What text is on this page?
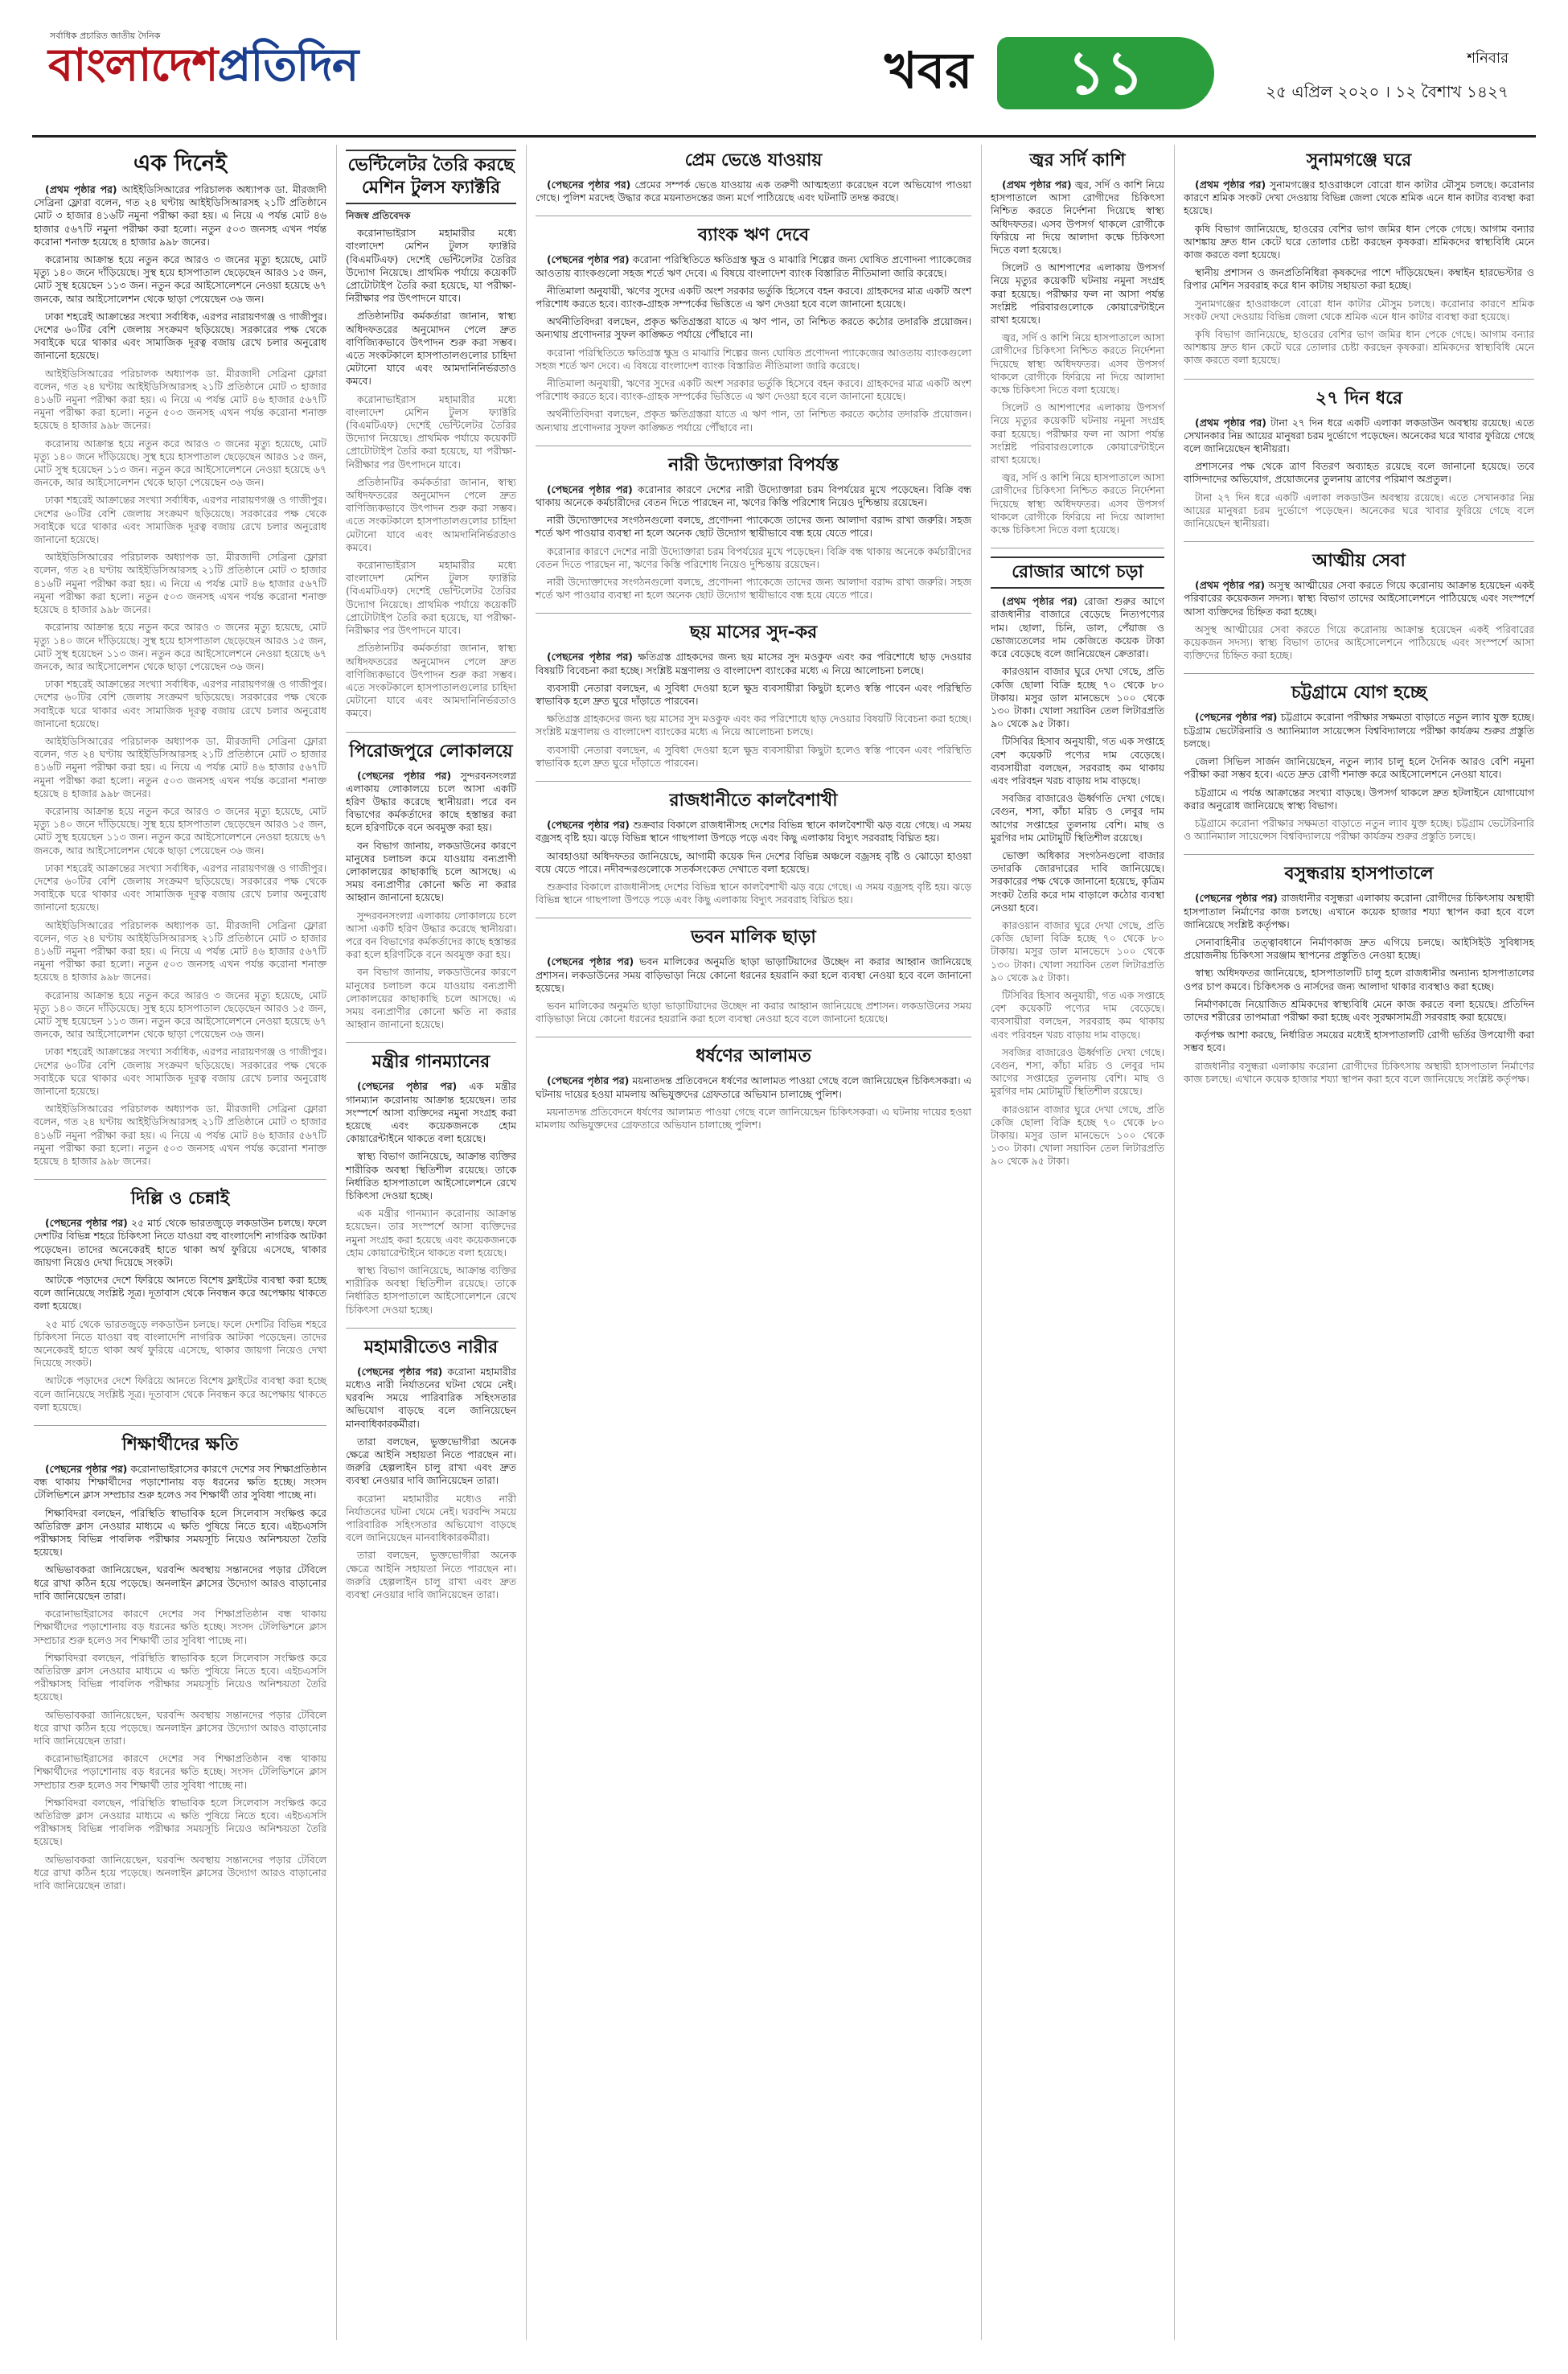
সর্বাধিক প্রচারিত জাতীয় দৈনিক
বাংলাদেশপ্রতিদিন	খবর	১১	শনিবার
২৫ এপ্রিল ২০২০ । ১২ বৈশাখ ১৪২৭
এক দিনেই

(প্রথম পৃষ্ঠার পর) আইইডিসিআরের পরিচালক অধ্যাপক ডা. মীরজাদী সেব্রিনা ফ্লোরা বলেন, গত ২৪ ঘণ্টায় আইইডিসিআরসহ ২১টি প্রতিষ্ঠানে মোট ৩ হাজার ৪১৬টি নমুনা পরীক্ষা করা হয়। এ নিয়ে এ পর্যন্ত মোট ৪৬ হাজার ৫৬৭টি নমুনা পরীক্ষা করা হলো। নতুন ৫০৩ জনসহ এখন পর্যন্ত করোনা শনাক্ত হয়েছে ৪ হাজার ৯৯৮ জনের।

করোনায় আক্রান্ত হয়ে নতুন করে আরও ৩ জনের মৃত্যু হয়েছে, মোট মৃত্যু ১৪০ জনে দাঁড়িয়েছে। সুস্থ হয়ে হাসপাতাল ছেড়েছেন আরও ১৫ জন, মোট সুস্থ হয়েছেন ১১৩ জন। নতুন করে আইসোলেশনে নেওয়া হয়েছে ৬৭ জনকে, আর আইসোলেশন থেকে ছাড়া পেয়েছেন ৩৬ জন।

ঢাকা শহরেই আক্রান্তের সংখ্যা সর্বাধিক, এরপর নারায়ণগঞ্জ ও গাজীপুর। দেশের ৬০টির বেশি জেলায় সংক্রমণ ছড়িয়েছে। সরকারের পক্ষ থেকে সবাইকে ঘরে থাকার এবং সামাজিক দূরত্ব বজায় রেখে চলার অনুরোধ জানানো হয়েছে।

আইইডিসিআরের পরিচালক অধ্যাপক ডা. মীরজাদী সেব্রিনা ফ্লোরা বলেন, গত ২৪ ঘণ্টায় আইইডিসিআরসহ ২১টি প্রতিষ্ঠানে মোট ৩ হাজার ৪১৬টি নমুনা পরীক্ষা করা হয়। এ নিয়ে এ পর্যন্ত মোট ৪৬ হাজার ৫৬৭টি নমুনা পরীক্ষা করা হলো। নতুন ৫০৩ জনসহ এখন পর্যন্ত করোনা শনাক্ত হয়েছে ৪ হাজার ৯৯৮ জনের।

করোনায় আক্রান্ত হয়ে নতুন করে আরও ৩ জনের মৃত্যু হয়েছে, মোট মৃত্যু ১৪০ জনে দাঁড়িয়েছে। সুস্থ হয়ে হাসপাতাল ছেড়েছেন আরও ১৫ জন, মোট সুস্থ হয়েছেন ১১৩ জন। নতুন করে আইসোলেশনে নেওয়া হয়েছে ৬৭ জনকে, আর আইসোলেশন থেকে ছাড়া পেয়েছেন ৩৬ জন।

ঢাকা শহরেই আক্রান্তের সংখ্যা সর্বাধিক, এরপর নারায়ণগঞ্জ ও গাজীপুর। দেশের ৬০টির বেশি জেলায় সংক্রমণ ছড়িয়েছে। সরকারের পক্ষ থেকে সবাইকে ঘরে থাকার এবং সামাজিক দূরত্ব বজায় রেখে চলার অনুরোধ জানানো হয়েছে।

আইইডিসিআরের পরিচালক অধ্যাপক ডা. মীরজাদী সেব্রিনা ফ্লোরা বলেন, গত ২৪ ঘণ্টায় আইইডিসিআরসহ ২১টি প্রতিষ্ঠানে মোট ৩ হাজার ৪১৬টি নমুনা পরীক্ষা করা হয়। এ নিয়ে এ পর্যন্ত মোট ৪৬ হাজার ৫৬৭টি নমুনা পরীক্ষা করা হলো। নতুন ৫০৩ জনসহ এখন পর্যন্ত করোনা শনাক্ত হয়েছে ৪ হাজার ৯৯৮ জনের।

করোনায় আক্রান্ত হয়ে নতুন করে আরও ৩ জনের মৃত্যু হয়েছে, মোট মৃত্যু ১৪০ জনে দাঁড়িয়েছে। সুস্থ হয়ে হাসপাতাল ছেড়েছেন আরও ১৫ জন, মোট সুস্থ হয়েছেন ১১৩ জন। নতুন করে আইসোলেশনে নেওয়া হয়েছে ৬৭ জনকে, আর আইসোলেশন থেকে ছাড়া পেয়েছেন ৩৬ জন।

ঢাকা শহরেই আক্রান্তের সংখ্যা সর্বাধিক, এরপর নারায়ণগঞ্জ ও গাজীপুর। দেশের ৬০টির বেশি জেলায় সংক্রমণ ছড়িয়েছে। সরকারের পক্ষ থেকে সবাইকে ঘরে থাকার এবং সামাজিক দূরত্ব বজায় রেখে চলার অনুরোধ জানানো হয়েছে।

আইইডিসিআরের পরিচালক অধ্যাপক ডা. মীরজাদী সেব্রিনা ফ্লোরা বলেন, গত ২৪ ঘণ্টায় আইইডিসিআরসহ ২১টি প্রতিষ্ঠানে মোট ৩ হাজার ৪১৬টি নমুনা পরীক্ষা করা হয়। এ নিয়ে এ পর্যন্ত মোট ৪৬ হাজার ৫৬৭টি নমুনা পরীক্ষা করা হলো। নতুন ৫০৩ জনসহ এখন পর্যন্ত করোনা শনাক্ত হয়েছে ৪ হাজার ৯৯৮ জনের।

করোনায় আক্রান্ত হয়ে নতুন করে আরও ৩ জনের মৃত্যু হয়েছে, মোট মৃত্যু ১৪০ জনে দাঁড়িয়েছে। সুস্থ হয়ে হাসপাতাল ছেড়েছেন আরও ১৫ জন, মোট সুস্থ হয়েছেন ১১৩ জন। নতুন করে আইসোলেশনে নেওয়া হয়েছে ৬৭ জনকে, আর আইসোলেশন থেকে ছাড়া পেয়েছেন ৩৬ জন।

ঢাকা শহরেই আক্রান্তের সংখ্যা সর্বাধিক, এরপর নারায়ণগঞ্জ ও গাজীপুর। দেশের ৬০টির বেশি জেলায় সংক্রমণ ছড়িয়েছে। সরকারের পক্ষ থেকে সবাইকে ঘরে থাকার এবং সামাজিক দূরত্ব বজায় রেখে চলার অনুরোধ জানানো হয়েছে।

আইইডিসিআরের পরিচালক অধ্যাপক ডা. মীরজাদী সেব্রিনা ফ্লোরা বলেন, গত ২৪ ঘণ্টায় আইইডিসিআরসহ ২১টি প্রতিষ্ঠানে মোট ৩ হাজার ৪১৬টি নমুনা পরীক্ষা করা হয়। এ নিয়ে এ পর্যন্ত মোট ৪৬ হাজার ৫৬৭টি নমুনা পরীক্ষা করা হলো। নতুন ৫০৩ জনসহ এখন পর্যন্ত করোনা শনাক্ত হয়েছে ৪ হাজার ৯৯৮ জনের।

করোনায় আক্রান্ত হয়ে নতুন করে আরও ৩ জনের মৃত্যু হয়েছে, মোট মৃত্যু ১৪০ জনে দাঁড়িয়েছে। সুস্থ হয়ে হাসপাতাল ছেড়েছেন আরও ১৫ জন, মোট সুস্থ হয়েছেন ১১৩ জন। নতুন করে আইসোলেশনে নেওয়া হয়েছে ৬৭ জনকে, আর আইসোলেশন থেকে ছাড়া পেয়েছেন ৩৬ জন।

ঢাকা শহরেই আক্রান্তের সংখ্যা সর্বাধিক, এরপর নারায়ণগঞ্জ ও গাজীপুর। দেশের ৬০টির বেশি জেলায় সংক্রমণ ছড়িয়েছে। সরকারের পক্ষ থেকে সবাইকে ঘরে থাকার এবং সামাজিক দূরত্ব বজায় রেখে চলার অনুরোধ জানানো হয়েছে।

আইইডিসিআরের পরিচালক অধ্যাপক ডা. মীরজাদী সেব্রিনা ফ্লোরা বলেন, গত ২৪ ঘণ্টায় আইইডিসিআরসহ ২১টি প্রতিষ্ঠানে মোট ৩ হাজার ৪১৬টি নমুনা পরীক্ষা করা হয়। এ নিয়ে এ পর্যন্ত মোট ৪৬ হাজার ৫৬৭টি নমুনা পরীক্ষা করা হলো। নতুন ৫০৩ জনসহ এখন পর্যন্ত করোনা শনাক্ত হয়েছে ৪ হাজার ৯৯৮ জনের।

দিল্লি ও চেন্নাই

(পেছনের পৃষ্ঠার পর) ২৫ মার্চ থেকে ভারতজুড়ে লকডাউন চলছে। ফলে দেশটির বিভিন্ন শহরে চিকিৎসা নিতে যাওয়া বহু বাংলাদেশি নাগরিক আটকা পড়েছেন। তাদের অনেকেরই হাতে থাকা অর্থ ফুরিয়ে এসেছে, থাকার জায়গা নিয়েও দেখা দিয়েছে সংকট।

আটকে পড়াদের দেশে ফিরিয়ে আনতে বিশেষ ফ্লাইটের ব্যবস্থা করা হচ্ছে বলে জানিয়েছে সংশ্লিষ্ট সূত্র। দূতাবাস থেকে নিবন্ধন করে অপেক্ষায় থাকতে বলা হয়েছে।

২৫ মার্চ থেকে ভারতজুড়ে লকডাউন চলছে। ফলে দেশটির বিভিন্ন শহরে চিকিৎসা নিতে যাওয়া বহু বাংলাদেশি নাগরিক আটকা পড়েছেন। তাদের অনেকেরই হাতে থাকা অর্থ ফুরিয়ে এসেছে, থাকার জায়গা নিয়েও দেখা দিয়েছে সংকট।

আটকে পড়াদের দেশে ফিরিয়ে আনতে বিশেষ ফ্লাইটের ব্যবস্থা করা হচ্ছে বলে জানিয়েছে সংশ্লিষ্ট সূত্র। দূতাবাস থেকে নিবন্ধন করে অপেক্ষায় থাকতে বলা হয়েছে।

শিক্ষার্থীদের ক্ষতি

(পেছনের পৃষ্ঠার পর) করোনাভাইরাসের কারণে দেশের সব শিক্ষাপ্রতিষ্ঠান বন্ধ থাকায় শিক্ষার্থীদের পড়াশোনায় বড় ধরনের ক্ষতি হচ্ছে। সংসদ টেলিভিশনে ক্লাস সম্প্রচার শুরু হলেও সব শিক্ষার্থী তার সুবিধা পাচ্ছে না।

শিক্ষাবিদরা বলছেন, পরিস্থিতি স্বাভাবিক হলে সিলেবাস সংক্ষিপ্ত করে অতিরিক্ত ক্লাস নেওয়ার মাধ্যমে এ ক্ষতি পুষিয়ে নিতে হবে। এইচএসসি পরীক্ষাসহ বিভিন্ন পাবলিক পরীক্ষার সময়সূচি নিয়েও অনিশ্চয়তা তৈরি হয়েছে।

অভিভাবকরা জানিয়েছেন, ঘরবন্দি অবস্থায় সন্তানদের পড়ার টেবিলে ধরে রাখা কঠিন হয়ে পড়েছে। অনলাইন ক্লাসের উদ্যোগ আরও বাড়ানোর দাবি জানিয়েছেন তারা।

করোনাভাইরাসের কারণে দেশের সব শিক্ষাপ্রতিষ্ঠান বন্ধ থাকায় শিক্ষার্থীদের পড়াশোনায় বড় ধরনের ক্ষতি হচ্ছে। সংসদ টেলিভিশনে ক্লাস সম্প্রচার শুরু হলেও সব শিক্ষার্থী তার সুবিধা পাচ্ছে না।

শিক্ষাবিদরা বলছেন, পরিস্থিতি স্বাভাবিক হলে সিলেবাস সংক্ষিপ্ত করে অতিরিক্ত ক্লাস নেওয়ার মাধ্যমে এ ক্ষতি পুষিয়ে নিতে হবে। এইচএসসি পরীক্ষাসহ বিভিন্ন পাবলিক পরীক্ষার সময়সূচি নিয়েও অনিশ্চয়তা তৈরি হয়েছে।

অভিভাবকরা জানিয়েছেন, ঘরবন্দি অবস্থায় সন্তানদের পড়ার টেবিলে ধরে রাখা কঠিন হয়ে পড়েছে। অনলাইন ক্লাসের উদ্যোগ আরও বাড়ানোর দাবি জানিয়েছেন তারা।

করোনাভাইরাসের কারণে দেশের সব শিক্ষাপ্রতিষ্ঠান বন্ধ থাকায় শিক্ষার্থীদের পড়াশোনায় বড় ধরনের ক্ষতি হচ্ছে। সংসদ টেলিভিশনে ক্লাস সম্প্রচার শুরু হলেও সব শিক্ষার্থী তার সুবিধা পাচ্ছে না।

শিক্ষাবিদরা বলছেন, পরিস্থিতি স্বাভাবিক হলে সিলেবাস সংক্ষিপ্ত করে অতিরিক্ত ক্লাস নেওয়ার মাধ্যমে এ ক্ষতি পুষিয়ে নিতে হবে। এইচএসসি পরীক্ষাসহ বিভিন্ন পাবলিক পরীক্ষার সময়সূচি নিয়েও অনিশ্চয়তা তৈরি হয়েছে।

অভিভাবকরা জানিয়েছেন, ঘরবন্দি অবস্থায় সন্তানদের পড়ার টেবিলে ধরে রাখা কঠিন হয়ে পড়েছে। অনলাইন ক্লাসের উদ্যোগ আরও বাড়ানোর দাবি জানিয়েছেন তারা।

ভেন্টিলেটর তৈরি করছে মেশিন টুলস ফ্যাক্টরি
নিজস্ব প্রতিবেদক

করোনাভাইরাস মহামারীর মধ্যে বাংলাদেশ মেশিন টুলস ফ্যাক্টরি (বিএমটিএফ) দেশেই ভেন্টিলেটর তৈরির উদ্যোগ নিয়েছে। প্রাথমিক পর্যায়ে কয়েকটি প্রোটোটাইপ তৈরি করা হয়েছে, যা পরীক্ষা-নিরীক্ষার পর উৎপাদনে যাবে।

প্রতিষ্ঠানটির কর্মকর্তারা জানান, স্বাস্থ্য অধিদফতরের অনুমোদন পেলে দ্রুত বাণিজ্যিকভাবে উৎপাদন শুরু করা সম্ভব। এতে সংকটকালে হাসপাতালগুলোর চাহিদা মেটানো যাবে এবং আমদানিনির্ভরতাও কমবে।

করোনাভাইরাস মহামারীর মধ্যে বাংলাদেশ মেশিন টুলস ফ্যাক্টরি (বিএমটিএফ) দেশেই ভেন্টিলেটর তৈরির উদ্যোগ নিয়েছে। প্রাথমিক পর্যায়ে কয়েকটি প্রোটোটাইপ তৈরি করা হয়েছে, যা পরীক্ষা-নিরীক্ষার পর উৎপাদনে যাবে।

প্রতিষ্ঠানটির কর্মকর্তারা জানান, স্বাস্থ্য অধিদফতরের অনুমোদন পেলে দ্রুত বাণিজ্যিকভাবে উৎপাদন শুরু করা সম্ভব। এতে সংকটকালে হাসপাতালগুলোর চাহিদা মেটানো যাবে এবং আমদানিনির্ভরতাও কমবে।

করোনাভাইরাস মহামারীর মধ্যে বাংলাদেশ মেশিন টুলস ফ্যাক্টরি (বিএমটিএফ) দেশেই ভেন্টিলেটর তৈরির উদ্যোগ নিয়েছে। প্রাথমিক পর্যায়ে কয়েকটি প্রোটোটাইপ তৈরি করা হয়েছে, যা পরীক্ষা-নিরীক্ষার পর উৎপাদনে যাবে।

প্রতিষ্ঠানটির কর্মকর্তারা জানান, স্বাস্থ্য অধিদফতরের অনুমোদন পেলে দ্রুত বাণিজ্যিকভাবে উৎপাদন শুরু করা সম্ভব। এতে সংকটকালে হাসপাতালগুলোর চাহিদা মেটানো যাবে এবং আমদানিনির্ভরতাও কমবে।

পিরোজপুরে লোকালয়ে

(পেছনের পৃষ্ঠার পর) সুন্দরবনসংলগ্ন এলাকায় লোকালয়ে চলে আসা একটি হরিণ উদ্ধার করেছে স্থানীয়রা। পরে বন বিভাগের কর্মকর্তাদের কাছে হস্তান্তর করা হলে হরিণটিকে বনে অবমুক্ত করা হয়।

বন বিভাগ জানায়, লকডাউনের কারণে মানুষের চলাচল কমে যাওয়ায় বন্যপ্রাণী লোকালয়ের কাছাকাছি চলে আসছে। এ সময় বন্যপ্রাণীর কোনো ক্ষতি না করার আহ্বান জানানো হয়েছে।

সুন্দরবনসংলগ্ন এলাকায় লোকালয়ে চলে আসা একটি হরিণ উদ্ধার করেছে স্থানীয়রা। পরে বন বিভাগের কর্মকর্তাদের কাছে হস্তান্তর করা হলে হরিণটিকে বনে অবমুক্ত করা হয়।

বন বিভাগ জানায়, লকডাউনের কারণে মানুষের চলাচল কমে যাওয়ায় বন্যপ্রাণী লোকালয়ের কাছাকাছি চলে আসছে। এ সময় বন্যপ্রাণীর কোনো ক্ষতি না করার আহ্বান জানানো হয়েছে।

মন্ত্রীর গানম্যানের

(পেছনের পৃষ্ঠার পর) এক মন্ত্রীর গানম্যান করোনায় আক্রান্ত হয়েছেন। তার সংস্পর্শে আসা ব্যক্তিদের নমুনা সংগ্রহ করা হয়েছে এবং কয়েকজনকে হোম কোয়ারেন্টাইনে থাকতে বলা হয়েছে।

স্বাস্থ্য বিভাগ জানিয়েছে, আক্রান্ত ব্যক্তির শারীরিক অবস্থা স্থিতিশীল রয়েছে। তাকে নির্ধারিত হাসপাতালে আইসোলেশনে রেখে চিকিৎসা দেওয়া হচ্ছে।

এক মন্ত্রীর গানম্যান করোনায় আক্রান্ত হয়েছেন। তার সংস্পর্শে আসা ব্যক্তিদের নমুনা সংগ্রহ করা হয়েছে এবং কয়েকজনকে হোম কোয়ারেন্টাইনে থাকতে বলা হয়েছে।

স্বাস্থ্য বিভাগ জানিয়েছে, আক্রান্ত ব্যক্তির শারীরিক অবস্থা স্থিতিশীল রয়েছে। তাকে নির্ধারিত হাসপাতালে আইসোলেশনে রেখে চিকিৎসা দেওয়া হচ্ছে।

মহামারীতেও নারীর

(পেছনের পৃষ্ঠার পর) করোনা মহামারীর মধ্যেও নারী নির্যাতনের ঘটনা থেমে নেই। ঘরবন্দি সময়ে পারিবারিক সহিংসতার অভিযোগ বাড়ছে বলে জানিয়েছেন মানবাধিকারকর্মীরা।

তারা বলছেন, ভুক্তভোগীরা অনেক ক্ষেত্রে আইনি সহায়তা নিতে পারছেন না। জরুরি হেল্পলাইন চালু রাখা এবং দ্রুত ব্যবস্থা নেওয়ার দাবি জানিয়েছেন তারা।

করোনা মহামারীর মধ্যেও নারী নির্যাতনের ঘটনা থেমে নেই। ঘরবন্দি সময়ে পারিবারিক সহিংসতার অভিযোগ বাড়ছে বলে জানিয়েছেন মানবাধিকারকর্মীরা।

তারা বলছেন, ভুক্তভোগীরা অনেক ক্ষেত্রে আইনি সহায়তা নিতে পারছেন না। জরুরি হেল্পলাইন চালু রাখা এবং দ্রুত ব্যবস্থা নেওয়ার দাবি জানিয়েছেন তারা।

প্রেম ভেঙে যাওয়ায়

(পেছনের পৃষ্ঠার পর) প্রেমের সম্পর্ক ভেঙে যাওয়ায় এক তরুণী আত্মহত্যা করেছেন বলে অভিযোগ পাওয়া গেছে। পুলিশ মরদেহ উদ্ধার করে ময়নাতদন্তের জন্য মর্গে পাঠিয়েছে এবং ঘটনাটি তদন্ত করছে।

ব্যাংক ঋণ দেবে

(পেছনের পৃষ্ঠার পর) করোনা পরিস্থিতিতে ক্ষতিগ্রস্ত ক্ষুদ্র ও মাঝারি শিল্পের জন্য ঘোষিত প্রণোদনা প্যাকেজের আওতায় ব্যাংকগুলো সহজ শর্তে ঋণ দেবে। এ বিষয়ে বাংলাদেশ ব্যাংক বিস্তারিত নীতিমালা জারি করেছে।

নীতিমালা অনুযায়ী, ঋণের সুদের একটি অংশ সরকার ভর্তুকি হিসেবে বহন করবে। গ্রাহকদের মাত্র একটি অংশ পরিশোধ করতে হবে। ব্যাংক-গ্রাহক সম্পর্কের ভিত্তিতে এ ঋণ দেওয়া হবে বলে জানানো হয়েছে।

অর্থনীতিবিদরা বলছেন, প্রকৃত ক্ষতিগ্রস্তরা যাতে এ ঋণ পান, তা নিশ্চিত করতে কঠোর তদারকি প্রয়োজন। অন্যথায় প্রণোদনার সুফল কাঙ্ক্ষিত পর্যায়ে পৌঁছাবে না।

করোনা পরিস্থিতিতে ক্ষতিগ্রস্ত ক্ষুদ্র ও মাঝারি শিল্পের জন্য ঘোষিত প্রণোদনা প্যাকেজের আওতায় ব্যাংকগুলো সহজ শর্তে ঋণ দেবে। এ বিষয়ে বাংলাদেশ ব্যাংক বিস্তারিত নীতিমালা জারি করেছে।

নীতিমালা অনুযায়ী, ঋণের সুদের একটি অংশ সরকার ভর্তুকি হিসেবে বহন করবে। গ্রাহকদের মাত্র একটি অংশ পরিশোধ করতে হবে। ব্যাংক-গ্রাহক সম্পর্কের ভিত্তিতে এ ঋণ দেওয়া হবে বলে জানানো হয়েছে।

অর্থনীতিবিদরা বলছেন, প্রকৃত ক্ষতিগ্রস্তরা যাতে এ ঋণ পান, তা নিশ্চিত করতে কঠোর তদারকি প্রয়োজন। অন্যথায় প্রণোদনার সুফল কাঙ্ক্ষিত পর্যায়ে পৌঁছাবে না।

নারী উদ্যোক্তারা বিপর্যস্ত

(পেছনের পৃষ্ঠার পর) করোনার কারণে দেশের নারী উদ্যোক্তারা চরম বিপর্যয়ের মুখে পড়েছেন। বিক্রি বন্ধ থাকায় অনেকে কর্মচারীদের বেতন দিতে পারছেন না, ঋণের কিস্তি পরিশোধ নিয়েও দুশ্চিন্তায় রয়েছেন।

নারী উদ্যোক্তাদের সংগঠনগুলো বলছে, প্রণোদনা প্যাকেজে তাদের জন্য আলাদা বরাদ্দ রাখা জরুরি। সহজ শর্তে ঋণ পাওয়ার ব্যবস্থা না হলে অনেক ছোট উদ্যোগ স্থায়ীভাবে বন্ধ হয়ে যেতে পারে।

করোনার কারণে দেশের নারী উদ্যোক্তারা চরম বিপর্যয়ের মুখে পড়েছেন। বিক্রি বন্ধ থাকায় অনেকে কর্মচারীদের বেতন দিতে পারছেন না, ঋণের কিস্তি পরিশোধ নিয়েও দুশ্চিন্তায় রয়েছেন।

নারী উদ্যোক্তাদের সংগঠনগুলো বলছে, প্রণোদনা প্যাকেজে তাদের জন্য আলাদা বরাদ্দ রাখা জরুরি। সহজ শর্তে ঋণ পাওয়ার ব্যবস্থা না হলে অনেক ছোট উদ্যোগ স্থায়ীভাবে বন্ধ হয়ে যেতে পারে।

ছয় মাসের সুদ-কর

(পেছনের পৃষ্ঠার পর) ক্ষতিগ্রস্ত গ্রাহকদের জন্য ছয় মাসের সুদ মওকুফ এবং কর পরিশোধে ছাড় দেওয়ার বিষয়টি বিবেচনা করা হচ্ছে। সংশ্লিষ্ট মন্ত্রণালয় ও বাংলাদেশ ব্যাংকের মধ্যে এ নিয়ে আলোচনা চলছে।

ব্যবসায়ী নেতারা বলছেন, এ সুবিধা দেওয়া হলে ক্ষুদ্র ব্যবসায়ীরা কিছুটা হলেও স্বস্তি পাবেন এবং পরিস্থিতি স্বাভাবিক হলে দ্রুত ঘুরে দাঁড়াতে পারবেন।

ক্ষতিগ্রস্ত গ্রাহকদের জন্য ছয় মাসের সুদ মওকুফ এবং কর পরিশোধে ছাড় দেওয়ার বিষয়টি বিবেচনা করা হচ্ছে। সংশ্লিষ্ট মন্ত্রণালয় ও বাংলাদেশ ব্যাংকের মধ্যে এ নিয়ে আলোচনা চলছে।

ব্যবসায়ী নেতারা বলছেন, এ সুবিধা দেওয়া হলে ক্ষুদ্র ব্যবসায়ীরা কিছুটা হলেও স্বস্তি পাবেন এবং পরিস্থিতি স্বাভাবিক হলে দ্রুত ঘুরে দাঁড়াতে পারবেন।

রাজধানীতে কালবৈশাখী

(পেছনের পৃষ্ঠার পর) শুক্রবার বিকালে রাজধানীসহ দেশের বিভিন্ন স্থানে কালবৈশাখী ঝড় বয়ে গেছে। এ সময় বজ্রসহ বৃষ্টি হয়। ঝড়ে বিভিন্ন স্থানে গাছপালা উপড়ে পড়ে এবং কিছু এলাকায় বিদ্যুৎ সরবরাহ বিঘ্নিত হয়।

আবহাওয়া অধিদফতর জানিয়েছে, আগামী কয়েক দিন দেশের বিভিন্ন অঞ্চলে বজ্রসহ বৃষ্টি ও ঝোড়ো হাওয়া বয়ে যেতে পারে। নদীবন্দরগুলোকে সতর্কসংকেত দেখাতে বলা হয়েছে।

শুক্রবার বিকালে রাজধানীসহ দেশের বিভিন্ন স্থানে কালবৈশাখী ঝড় বয়ে গেছে। এ সময় বজ্রসহ বৃষ্টি হয়। ঝড়ে বিভিন্ন স্থানে গাছপালা উপড়ে পড়ে এবং কিছু এলাকায় বিদ্যুৎ সরবরাহ বিঘ্নিত হয়।

ভবন মালিক ছাড়া

(পেছনের পৃষ্ঠার পর) ভবন মালিকের অনুমতি ছাড়া ভাড়াটিয়াদের উচ্ছেদ না করার আহ্বান জানিয়েছে প্রশাসন। লকডাউনের সময় বাড়িভাড়া নিয়ে কোনো ধরনের হয়রানি করা হলে ব্যবস্থা নেওয়া হবে বলে জানানো হয়েছে।

ভবন মালিকের অনুমতি ছাড়া ভাড়াটিয়াদের উচ্ছেদ না করার আহ্বান জানিয়েছে প্রশাসন। লকডাউনের সময় বাড়িভাড়া নিয়ে কোনো ধরনের হয়রানি করা হলে ব্যবস্থা নেওয়া হবে বলে জানানো হয়েছে।

ধর্ষণের আলামত

(পেছনের পৃষ্ঠার পর) ময়নাতদন্ত প্রতিবেদনে ধর্ষণের আলামত পাওয়া গেছে বলে জানিয়েছেন চিকিৎসকরা। এ ঘটনায় দায়ের হওয়া মামলায় অভিযুক্তদের গ্রেফতারে অভিযান চালাচ্ছে পুলিশ।

ময়নাতদন্ত প্রতিবেদনে ধর্ষণের আলামত পাওয়া গেছে বলে জানিয়েছেন চিকিৎসকরা। এ ঘটনায় দায়ের হওয়া মামলায় অভিযুক্তদের গ্রেফতারে অভিযান চালাচ্ছে পুলিশ।

জ্বর সর্দি কাশি

(প্রথম পৃষ্ঠার পর) জ্বর, সর্দি ও কাশি নিয়ে হাসপাতালে আসা রোগীদের চিকিৎসা নিশ্চিত করতে নির্দেশনা দিয়েছে স্বাস্থ্য অধিদফতর। এসব উপসর্গ থাকলে রোগীকে ফিরিয়ে না দিয়ে আলাদা কক্ষে চিকিৎসা দিতে বলা হয়েছে।

সিলেট ও আশপাশের এলাকায় উপসর্গ নিয়ে মৃত্যুর কয়েকটি ঘটনায় নমুনা সংগ্রহ করা হয়েছে। পরীক্ষার ফল না আসা পর্যন্ত সংশ্লিষ্ট পরিবারগুলোকে কোয়ারেন্টাইনে রাখা হয়েছে।

জ্বর, সর্দি ও কাশি নিয়ে হাসপাতালে আসা রোগীদের চিকিৎসা নিশ্চিত করতে নির্দেশনা দিয়েছে স্বাস্থ্য অধিদফতর। এসব উপসর্গ থাকলে রোগীকে ফিরিয়ে না দিয়ে আলাদা কক্ষে চিকিৎসা দিতে বলা হয়েছে।

সিলেট ও আশপাশের এলাকায় উপসর্গ নিয়ে মৃত্যুর কয়েকটি ঘটনায় নমুনা সংগ্রহ করা হয়েছে। পরীক্ষার ফল না আসা পর্যন্ত সংশ্লিষ্ট পরিবারগুলোকে কোয়ারেন্টাইনে রাখা হয়েছে।

জ্বর, সর্দি ও কাশি নিয়ে হাসপাতালে আসা রোগীদের চিকিৎসা নিশ্চিত করতে নির্দেশনা দিয়েছে স্বাস্থ্য অধিদফতর। এসব উপসর্গ থাকলে রোগীকে ফিরিয়ে না দিয়ে আলাদা কক্ষে চিকিৎসা দিতে বলা হয়েছে।

রোজার আগে চড়া

(প্রথম পৃষ্ঠার পর) রোজা শুরুর আগে রাজধানীর বাজারে বেড়েছে নিত্যপণ্যের দাম। ছোলা, চিনি, ডাল, পেঁয়াজ ও ভোজ্যতেলের দাম কেজিতে কয়েক টাকা করে বেড়েছে বলে জানিয়েছেন ক্রেতারা।

কারওয়ান বাজার ঘুরে দেখা গেছে, প্রতি কেজি ছোলা বিক্রি হচ্ছে ৭০ থেকে ৮০ টাকায়। মসুর ডাল মানভেদে ১০০ থেকে ১৩০ টাকা। খোলা সয়াবিন তেল লিটারপ্রতি ৯০ থেকে ৯৫ টাকা।

টিসিবির হিসাব অনুযায়ী, গত এক সপ্তাহে বেশ কয়েকটি পণ্যের দাম বেড়েছে। ব্যবসায়ীরা বলছেন, সরবরাহ কম থাকায় এবং পরিবহন খরচ বাড়ায় দাম বাড়ছে।

সবজির বাজারেও ঊর্ধ্বগতি দেখা গেছে। বেগুন, শসা, কাঁচা মরিচ ও লেবুর দাম আগের সপ্তাহের তুলনায় বেশি। মাছ ও মুরগির দাম মোটামুটি স্থিতিশীল রয়েছে।

ভোক্তা অধিকার সংগঠনগুলো বাজার তদারকি জোরদারের দাবি জানিয়েছে। সরকারের পক্ষ থেকে জানানো হয়েছে, কৃত্রিম সংকট তৈরি করে দাম বাড়ালে কঠোর ব্যবস্থা নেওয়া হবে।

কারওয়ান বাজার ঘুরে দেখা গেছে, প্রতি কেজি ছোলা বিক্রি হচ্ছে ৭০ থেকে ৮০ টাকায়। মসুর ডাল মানভেদে ১০০ থেকে ১৩০ টাকা। খোলা সয়াবিন তেল লিটারপ্রতি ৯০ থেকে ৯৫ টাকা।

টিসিবির হিসাব অনুযায়ী, গত এক সপ্তাহে বেশ কয়েকটি পণ্যের দাম বেড়েছে। ব্যবসায়ীরা বলছেন, সরবরাহ কম থাকায় এবং পরিবহন খরচ বাড়ায় দাম বাড়ছে।

সবজির বাজারেও ঊর্ধ্বগতি দেখা গেছে। বেগুন, শসা, কাঁচা মরিচ ও লেবুর দাম আগের সপ্তাহের তুলনায় বেশি। মাছ ও মুরগির দাম মোটামুটি স্থিতিশীল রয়েছে।

কারওয়ান বাজার ঘুরে দেখা গেছে, প্রতি কেজি ছোলা বিক্রি হচ্ছে ৭০ থেকে ৮০ টাকায়। মসুর ডাল মানভেদে ১০০ থেকে ১৩০ টাকা। খোলা সয়াবিন তেল লিটারপ্রতি ৯০ থেকে ৯৫ টাকা।

সুনামগঞ্জে ঘরে

(প্রথম পৃষ্ঠার পর) সুনামগঞ্জের হাওরাঞ্চলে বোরো ধান কাটার মৌসুম চলছে। করোনার কারণে শ্রমিক সংকট দেখা দেওয়ায় বিভিন্ন জেলা থেকে শ্রমিক এনে ধান কাটার ব্যবস্থা করা হয়েছে।

কৃষি বিভাগ জানিয়েছে, হাওরের বেশির ভাগ জমির ধান পেকে গেছে। আগাম বন্যার আশঙ্কায় দ্রুত ধান কেটে ঘরে তোলার চেষ্টা করছেন কৃষকরা। শ্রমিকদের স্বাস্থ্যবিধি মেনে কাজ করতে বলা হয়েছে।

স্থানীয় প্রশাসন ও জনপ্রতিনিধিরা কৃষকদের পাশে দাঁড়িয়েছেন। কম্বাইন হারভেস্টার ও রিপার মেশিন সরবরাহ করে ধান কাটায় সহায়তা করা হচ্ছে।

সুনামগঞ্জের হাওরাঞ্চলে বোরো ধান কাটার মৌসুম চলছে। করোনার কারণে শ্রমিক সংকট দেখা দেওয়ায় বিভিন্ন জেলা থেকে শ্রমিক এনে ধান কাটার ব্যবস্থা করা হয়েছে।

কৃষি বিভাগ জানিয়েছে, হাওরের বেশির ভাগ জমির ধান পেকে গেছে। আগাম বন্যার আশঙ্কায় দ্রুত ধান কেটে ঘরে তোলার চেষ্টা করছেন কৃষকরা। শ্রমিকদের স্বাস্থ্যবিধি মেনে কাজ করতে বলা হয়েছে।

২৭ দিন ধরে

(প্রথম পৃষ্ঠার পর) টানা ২৭ দিন ধরে একটি এলাকা লকডাউন অবস্থায় রয়েছে। এতে সেখানকার নিম্ন আয়ের মানুষরা চরম দুর্ভোগে পড়েছেন। অনেকের ঘরে খাবার ফুরিয়ে গেছে বলে জানিয়েছেন স্থানীয়রা।

প্রশাসনের পক্ষ থেকে ত্রাণ বিতরণ অব্যাহত রয়েছে বলে জানানো হয়েছে। তবে বাসিন্দাদের অভিযোগ, প্রয়োজনের তুলনায় ত্রাণের পরিমাণ অপ্রতুল।

টানা ২৭ দিন ধরে একটি এলাকা লকডাউন অবস্থায় রয়েছে। এতে সেখানকার নিম্ন আয়ের মানুষরা চরম দুর্ভোগে পড়েছেন। অনেকের ঘরে খাবার ফুরিয়ে গেছে বলে জানিয়েছেন স্থানীয়রা।

আত্মীয় সেবা

(প্রথম পৃষ্ঠার পর) অসুস্থ আত্মীয়ের সেবা করতে গিয়ে করোনায় আক্রান্ত হয়েছেন একই পরিবারের কয়েকজন সদস্য। স্বাস্থ্য বিভাগ তাদের আইসোলেশনে পাঠিয়েছে এবং সংস্পর্শে আসা ব্যক্তিদের চিহ্নিত করা হচ্ছে।

অসুস্থ আত্মীয়ের সেবা করতে গিয়ে করোনায় আক্রান্ত হয়েছেন একই পরিবারের কয়েকজন সদস্য। স্বাস্থ্য বিভাগ তাদের আইসোলেশনে পাঠিয়েছে এবং সংস্পর্শে আসা ব্যক্তিদের চিহ্নিত করা হচ্ছে।

চট্টগ্রামে যোগ হচ্ছে

(পেছনের পৃষ্ঠার পর) চট্টগ্রামে করোনা পরীক্ষার সক্ষমতা বাড়াতে নতুন ল্যাব যুক্ত হচ্ছে। চট্টগ্রাম ভেটেরিনারি ও অ্যানিম্যাল সায়েন্সেস বিশ্ববিদ্যালয়ে পরীক্ষা কার্যক্রম শুরুর প্রস্তুতি চলছে।

জেলা সিভিল সার্জন জানিয়েছেন, নতুন ল্যাব চালু হলে দৈনিক আরও বেশি নমুনা পরীক্ষা করা সম্ভব হবে। এতে দ্রুত রোগী শনাক্ত করে আইসোলেশনে নেওয়া যাবে।

চট্টগ্রামে এ পর্যন্ত আক্রান্তের সংখ্যা বাড়ছে। উপসর্গ থাকলে দ্রুত হটলাইনে যোগাযোগ করার অনুরোধ জানিয়েছে স্বাস্থ্য বিভাগ।

চট্টগ্রামে করোনা পরীক্ষার সক্ষমতা বাড়াতে নতুন ল্যাব যুক্ত হচ্ছে। চট্টগ্রাম ভেটেরিনারি ও অ্যানিম্যাল সায়েন্সেস বিশ্ববিদ্যালয়ে পরীক্ষা কার্যক্রম শুরুর প্রস্তুতি চলছে।

বসুন্ধরায় হাসপাতালে

(পেছনের পৃষ্ঠার পর) রাজধানীর বসুন্ধরা এলাকায় করোনা রোগীদের চিকিৎসায় অস্থায়ী হাসপাতাল নির্মাণের কাজ চলছে। এখানে কয়েক হাজার শয্যা স্থাপন করা হবে বলে জানিয়েছে সংশ্লিষ্ট কর্তৃপক্ষ।

সেনাবাহিনীর তত্ত্বাবধানে নির্মাণকাজ দ্রুত এগিয়ে চলছে। আইসিইউ সুবিধাসহ প্রয়োজনীয় চিকিৎসা সরঞ্জাম স্থাপনের প্রস্তুতিও নেওয়া হচ্ছে।

স্বাস্থ্য অধিদফতর জানিয়েছে, হাসপাতালটি চালু হলে রাজধানীর অন্যান্য হাসপাতালের ওপর চাপ কমবে। চিকিৎসক ও নার্সদের জন্য আলাদা থাকার ব্যবস্থাও করা হচ্ছে।

নির্মাণকাজে নিয়োজিত শ্রমিকদের স্বাস্থ্যবিধি মেনে কাজ করতে বলা হয়েছে। প্রতিদিন তাদের শরীরের তাপমাত্রা পরীক্ষা করা হচ্ছে এবং সুরক্ষাসামগ্রী সরবরাহ করা হয়েছে।

কর্তৃপক্ষ আশা করছে, নির্ধারিত সময়ের মধ্যেই হাসপাতালটি রোগী ভর্তির উপযোগী করা সম্ভব হবে।

রাজধানীর বসুন্ধরা এলাকায় করোনা রোগীদের চিকিৎসায় অস্থায়ী হাসপাতাল নির্মাণের কাজ চলছে। এখানে কয়েক হাজার শয্যা স্থাপন করা হবে বলে জানিয়েছে সংশ্লিষ্ট কর্তৃপক্ষ।
